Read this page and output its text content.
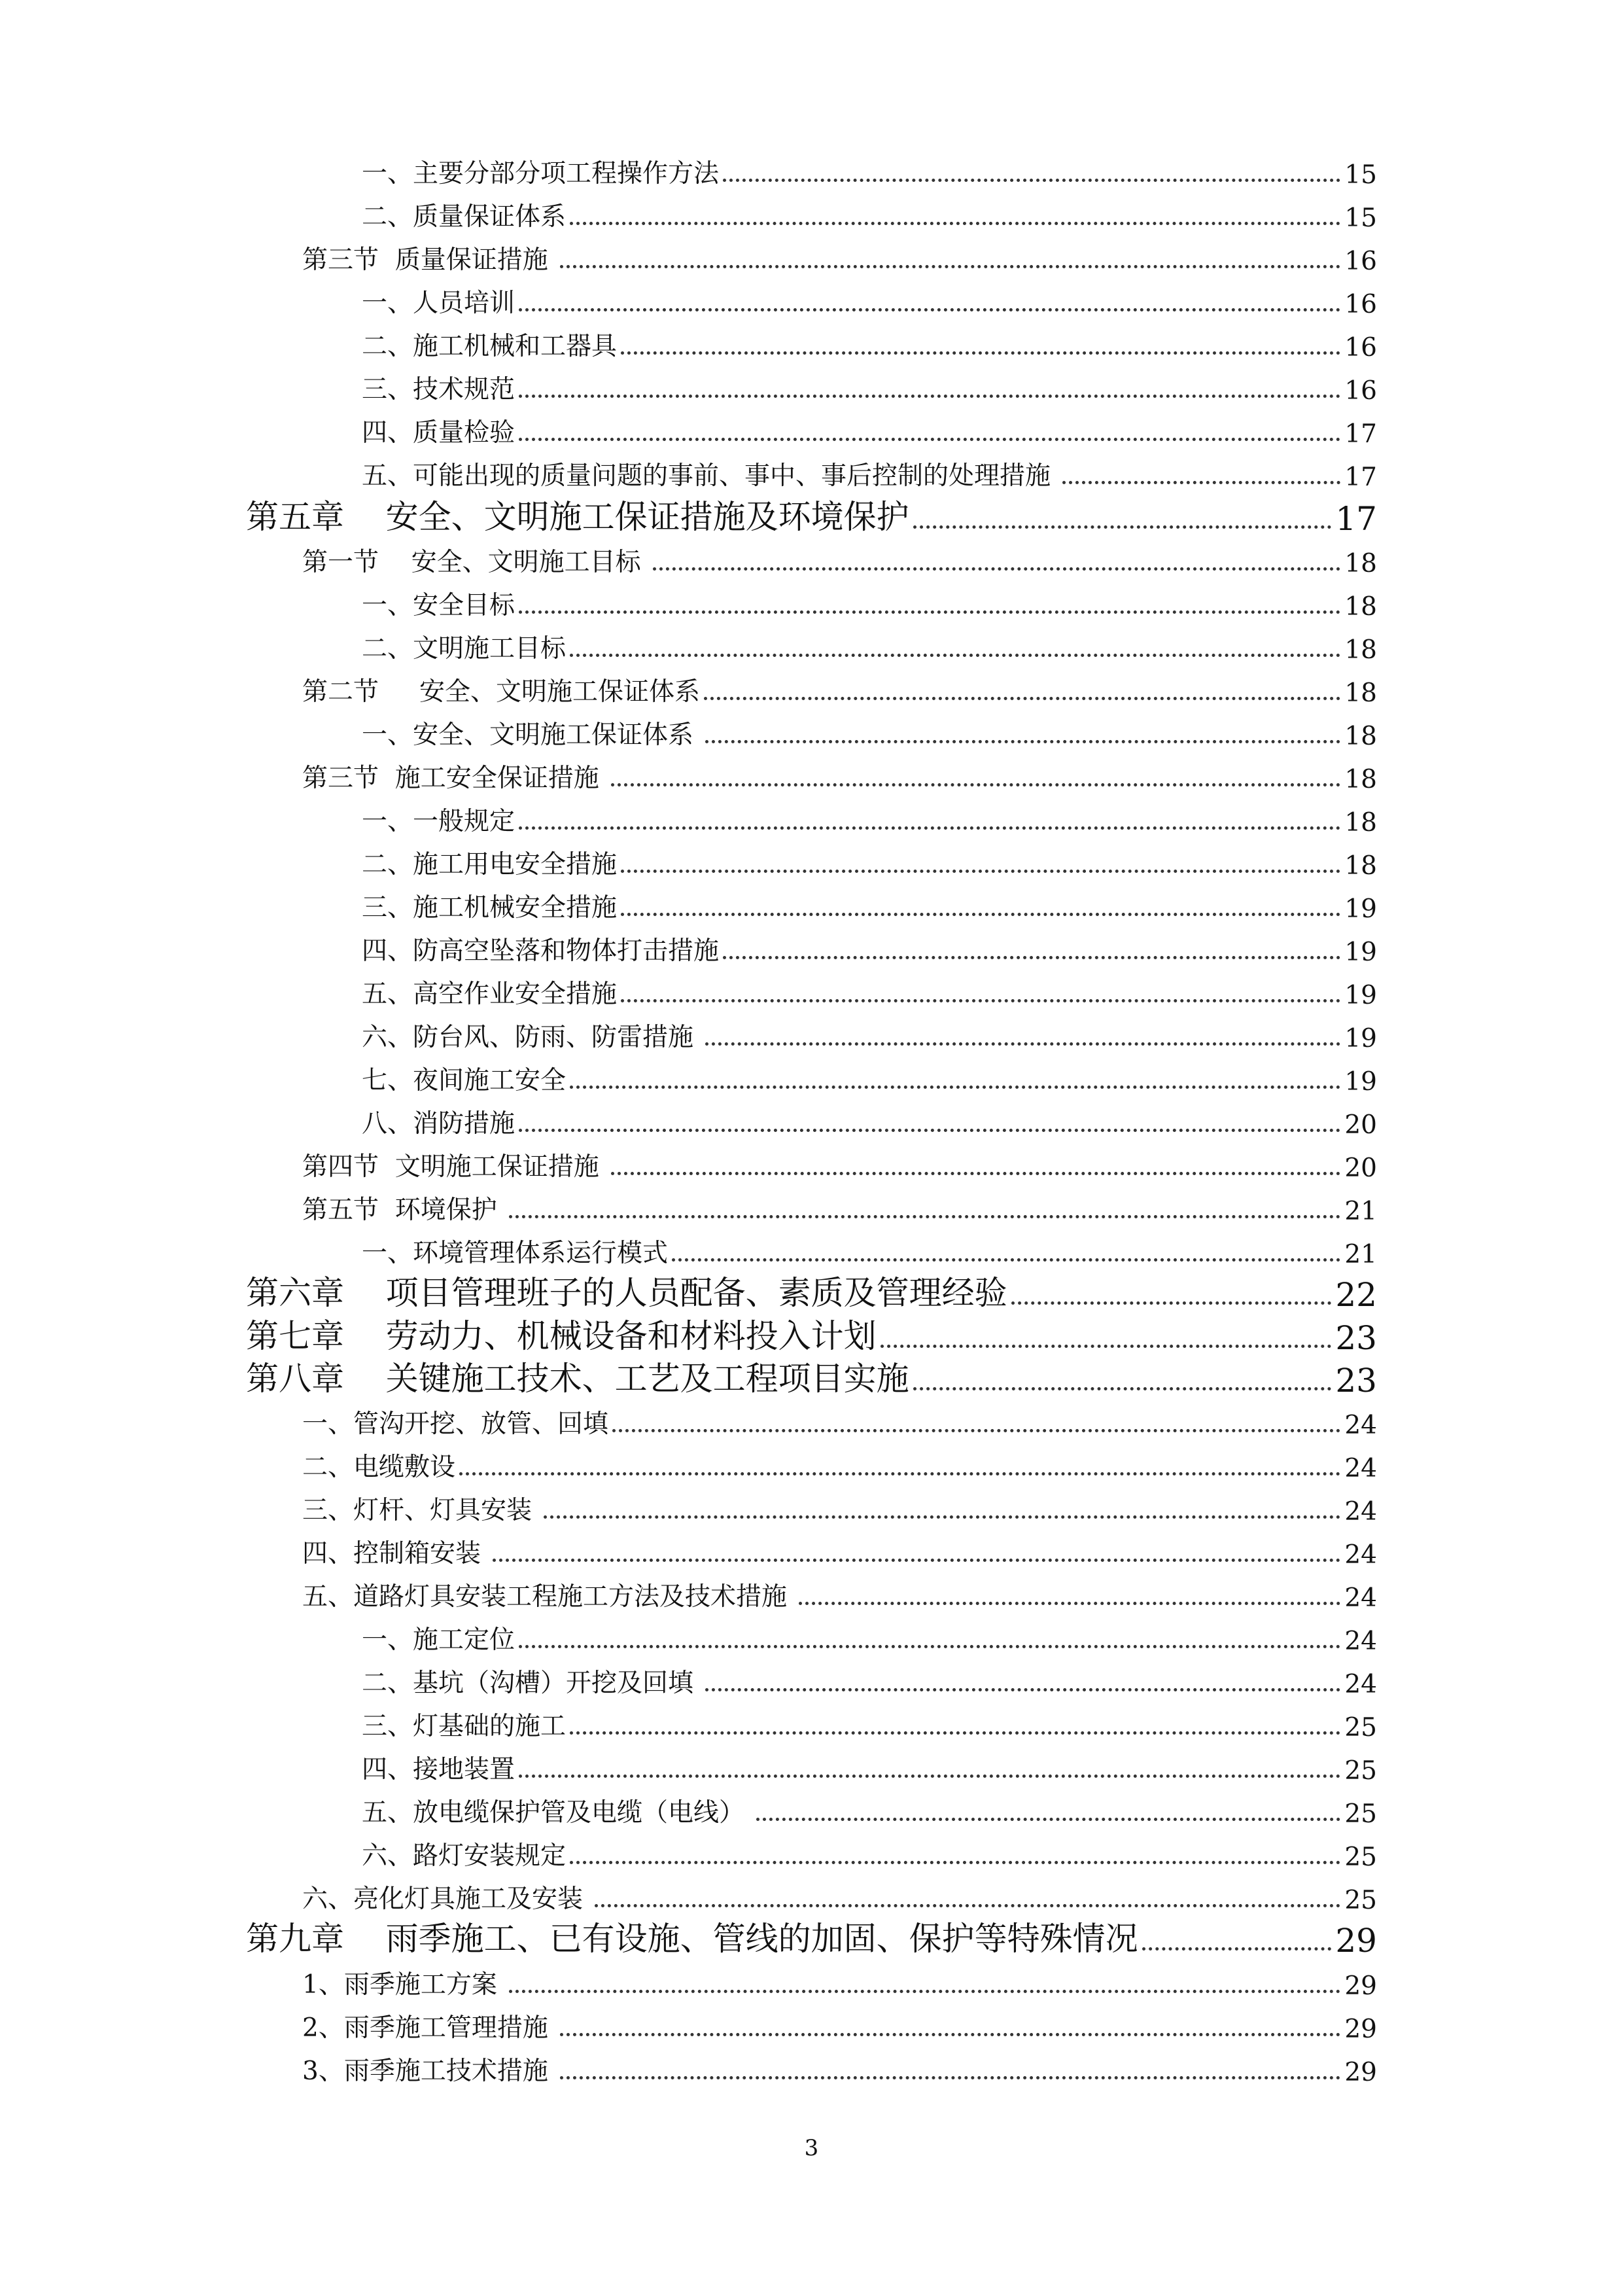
一、主要分部分项工程操作方法	15
二、质量保证体系	15
第三节  质量保证措施	16
一、人员培训	16
二、施工机械和工器具	16
三、技术规范	16
四、质量检验	17
五、可能出现的质量问题的事前、事中、事后控制的处理措施	17
第五章    安全、文明施工保证措施及环境保护	17
第一节    安全、文明施工目标	18
一、安全目标	18
二、文明施工目标	18
第二节     安全、文明施工保证体系	18
一、安全、文明施工保证体系	18
第三节  施工安全保证措施	18
一、一般规定	18
二、施工用电安全措施	18
三、施工机械安全措施	19
四、防高空坠落和物体打击措施	19
五、高空作业安全措施	19
六、防台风、防雨、防雷措施	19
七、夜间施工安全	19
八、消防措施	20
第四节  文明施工保证措施	20
第五节  环境保护	21
一、环境管理体系运行模式	21
第六章    项目管理班子的人员配备、素质及管理经验	22
第七章    劳动力、机械设备和材料投入计划	23
第八章    关键施工技术、工艺及工程项目实施	23
一、管沟开挖、放管、回填	24
二、电缆敷设	24
三、灯杆、灯具安装	24
四、控制箱安装	24
五、道路灯具安装工程施工方法及技术措施	24
一、施工定位	24
二、基坑（沟槽）开挖及回填	24
三、灯基础的施工	25
四、接地装置	25
五、放电缆保护管及电缆（电线）	25
六、路灯安装规定	25
六、亮化灯具施工及安装	25
第九章    雨季施工、已有设施、管线的加固、保护等特殊情况	29
1、雨季施工方案	29
2、雨季施工管理措施	29
3、雨季施工技术措施	29
3
